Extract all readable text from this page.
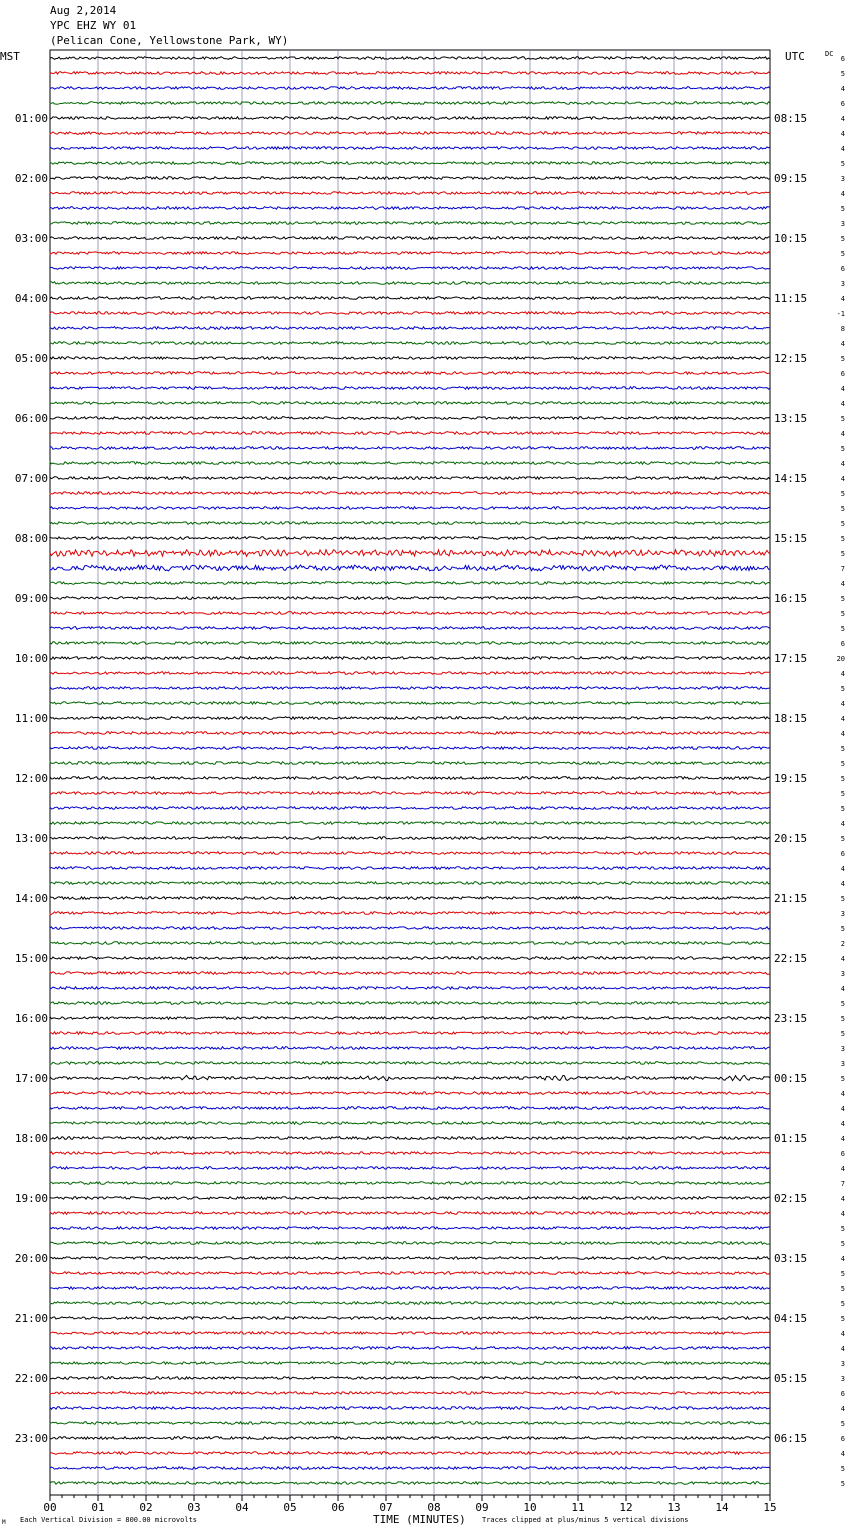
Aug 2,2014
YPC EHZ WY 01
(Pelican Cone, Yellowstone Park, WY)
MST	UTC	DC
01:00	08:15
02:00	09:15
03:00	10:15
04:00	11:15
05:00	12:15
06:00	13:15
07:00	14:15
08:00	15:15
09:00	16:15
10:00	17:15
11:00	18:15
12:00	19:15
13:00	20:15
14:00	21:15
15:00	22:15
16:00	23:15
17:00	00:15
18:00	01:15
19:00	02:15
20:00	03:15
21:00	04:15
22:00	05:15
23:00	06:15
6
5
4
6
4
4
4
5
3
4
5
3
5
5
6
3
4
-1
8
4
5
6
4
4
5
4
5
4
4
5
5
5
5
5
7
4
5
5
5
6
20
4
5
4
4
4
5
5
5
5
5
4
5
6
4
4
5
3
5
2
4
3
4
5
5
5
3
3
5
4
4
4
4
6
4
7
4
4
5
5
4
5
5
5
5
4
4
3
3
6
4
5
6
4
5
5
00	01	02	03	04	05	06	07	08	09	10	11	12	13	14	15
TIME (MINUTES)
Each Vertical Division = 800.00 microvolts	Traces clipped at plus/minus 5 vertical divisions
M
